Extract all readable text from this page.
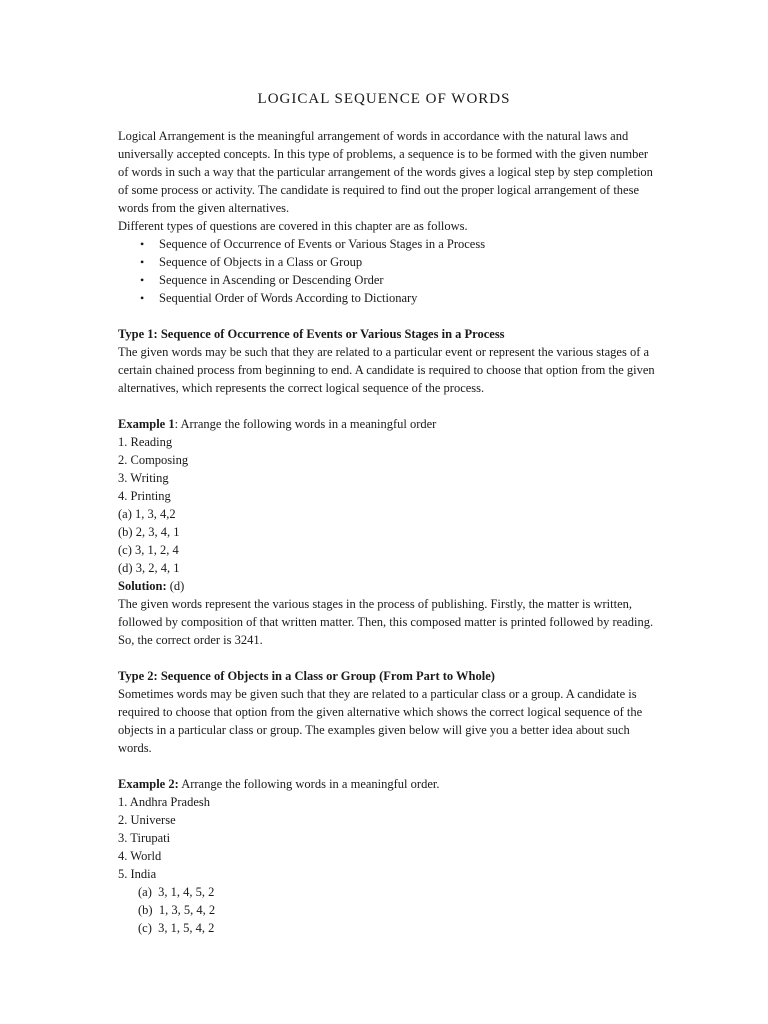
LOGICAL SEQUENCE OF WORDS

Logical Arrangement is the meaningful arrangement of words in accordance with the natural laws and universally accepted concepts. In this type of problems, a sequence is to be formed with the given number of words in such a way that the particular arrangement of the words gives a logical step by step completion of some process or activity. The candidate is required to find out the proper logical arrangement of these words from the given alternatives.

Different types of questions are covered in this chapter are as follows.

• Sequence of Occurrence of Events or Various Stages in a Process
• Sequence of Objects in a Class or Group
• Sequence in Ascending or Descending Order
• Sequential Order of Words According to Dictionary

Type 1: Sequence of Occurrence of Events or Various Stages in a Process

The given words may be such that they are related to a particular event or represent the various stages of a certain chained process from beginning to end. A candidate is required to choose that option from the given alternatives, which represents the correct logical sequence of the process.

Example 1: Arrange the following words in a meaningful order

1. Reading
2. Composing
3. Writing
4. Printing
(a) 1, 3, 4,2
(b) 2, 3, 4, 1
(c) 3, 1, 2, 4
(d) 3, 2, 4, 1

Solution: (d)

The given words represent the various stages in the process of publishing. Firstly, the matter is written, followed by composition of that written matter. Then, this composed matter is printed followed by reading. So, the correct order is 3241.

Type 2: Sequence of Objects in a Class or Group (From Part to Whole)

Sometimes words may be given such that they are related to a particular class or a group. A candidate is required to choose that option from the given alternative which shows the correct logical sequence of the objects in a particular class or group. The examples given below will give you a better idea about such words.

Example 2: Arrange the following words in a meaningful order.

1. Andhra Pradesh
2. Universe
3. Tirupati
4. World
5. India
(a)  3, 1, 4, 5, 2
(b)  1, 3, 5, 4, 2
(c)  3, 1, 5, 4, 2
